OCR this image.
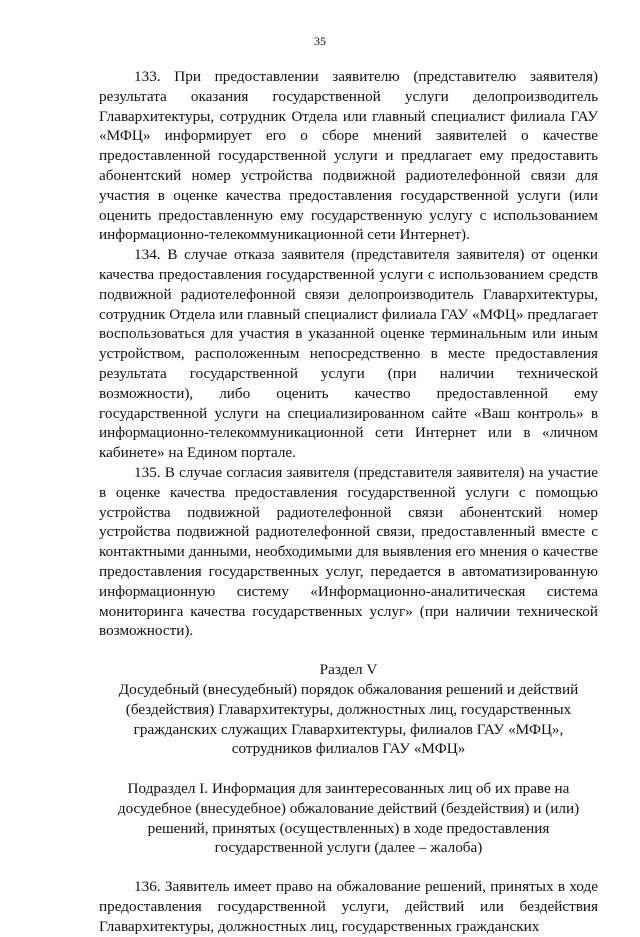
35

133. При предоставлении заявителю (представителю заявителя) результата оказания государственной услуги делопроизводитель Главархитектуры, сотрудник Отдела или главный специалист филиала ГАУ «МФЦ» информирует его о сборе мнений заявителей о качестве предоставленной государственной услуги и предлагает ему предоставить абонентский номер устройства подвижной радиотелефонной связи для участия в оценке качества предоставления государственной услуги (или оценить предоставленную ему государственную услугу с использованием информационно-телекоммуникационной сети Интернет).

134. В случае отказа заявителя (представителя заявителя) от оценки качества предоставления государственной услуги с использованием средств подвижной радиотелефонной связи делопроизводитель Главархитектуры, сотрудник Отдела или главный специалист филиала ГАУ «МФЦ» предлагает воспользоваться для участия в указанной оценке терминальным или иным устройством, расположенным непосредственно в месте предоставления результата государственной услуги (при наличии технической возможности), либо оценить качество предоставленной ему государственной услуги на специализированном сайте «Ваш контроль» в информационно-телекоммуникационной сети Интернет или в «личном кабинете» на Едином портале.

135. В случае согласия заявителя (представителя заявителя) на участие в оценке качества предоставления государственной услуги с помощью устройства подвижной радиотелефонной связи абонентский номер устройства подвижной радиотелефонной связи, предоставленный вместе с контактными данными, необходимыми для выявления его мнения о качестве предоставления государственных услуг, передается в автоматизированную информационную систему «Информационно-аналитическая система мониторинга качества государственных услуг» (при наличии технической возможности).

Раздел V

Досудебный (внесудебный) порядок обжалования решений и действий (бездействия) Главархитектуры, должностных лиц, государственных гражданских служащих Главархитектуры, филиалов ГАУ «МФЦ», сотрудников филиалов ГАУ «МФЦ»

Подраздел I. Информация для заинтересованных лиц об их праве на досудебное (внесудебное) обжалование действий (бездействия) и (или) решений, принятых (осуществленных) в ходе предоставления государственной услуги (далее – жалоба)

136. Заявитель имеет право на обжалование решений, принятых в ходе предоставления государственной услуги, действий или бездействия Главархитектуры, должностных лиц, государственных гражданских
